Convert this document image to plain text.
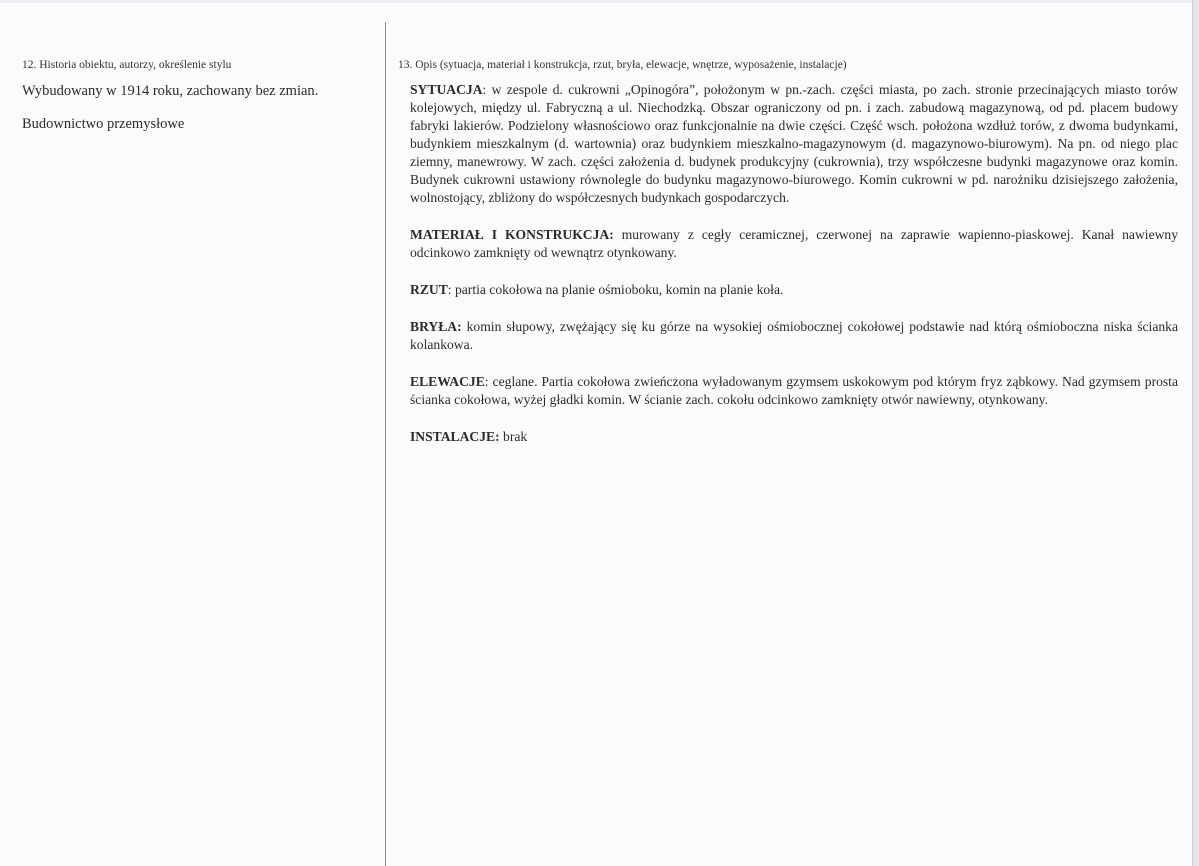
12. Historia obiektu, autorzy, określenie stylu

Wybudowany w 1914 roku, zachowany bez zmian.

Budownictwo przemysłowe

13. Opis (sytuacja, materiał i konstrukcja, rzut, bryła, elewacje, wnętrze, wyposażenie, instalacje)

SYTUACJA: w zespole d. cukrowni „Opinogóra”, położonym w pn.-zach. części miasta, po zach. stronie przecinających miasto torów kolejowych, między ul. Fabryczną a ul. Niechodzką. Obszar ograniczony od pn. i zach. zabudową magazynową, od pd. placem budowy fabryki lakierów. Podzielony własnościowo oraz funkcjonalnie na dwie części. Część wsch. położona wzdłuż torów, z dwoma budynkami, budynkiem mieszkalnym (d. wartownia) oraz budynkiem mieszkalno-magazynowym (d. magazynowo-biurowym). Na pn. od niego plac ziemny, manewrowy. W zach. części założenia d. budynek produkcyjny (cukrownia), trzy współczesne budynki magazynowe oraz komin. Budynek cukrowni ustawiony równolegle do budynku magazynowo-biurowego. Komin cukrowni w pd. narożniku dzisiejszego założenia, wolnostojący, zbliżony do współczesnych budynkach gospodarczych.

MATERIAŁ I KONSTRUKCJA: murowany z cegły ceramicznej, czerwonej na zaprawie wapienno-piaskowej. Kanał nawiewny odcinkowo zamknięty od wewnątrz otynkowany.

RZUT: partia cokołowa na planie ośmioboku, komin na planie koła.

BRYŁA: komin słupowy, zwężający się ku górze na wysokiej ośmiobocznej cokołowej podstawie nad którą ośmioboczna niska ścianka kolankowa.

ELEWACJE: ceglane. Partia cokołowa zwieńczona wyładowanym gzymsem uskokowym pod którym fryz ząbkowy. Nad gzymsem prosta ścianka cokołowa, wyżej gładki komin. W ścianie zach. cokołu odcinkowo zamknięty otwór nawiewny, otynkowany.

INSTALACJE: brak
